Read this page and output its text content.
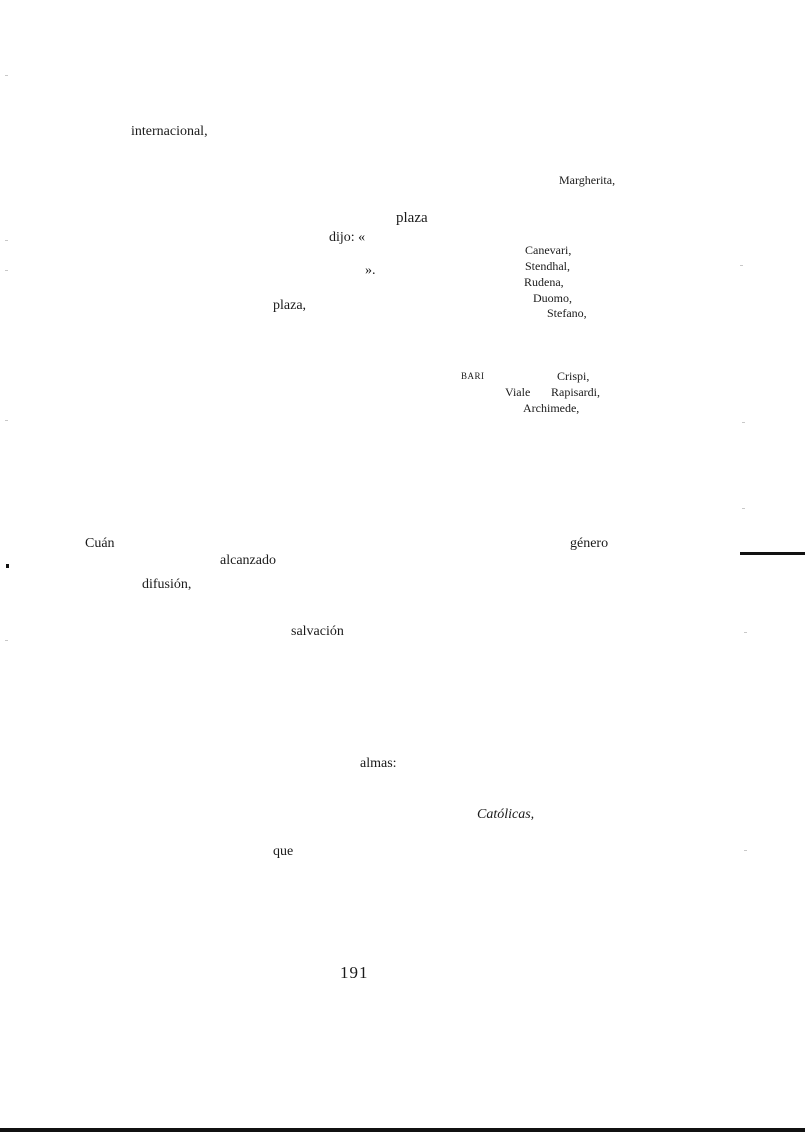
internacional,
Margherita,
plaza
dijo: «
Canevari,
Stendhal,
».
Rudena,
Duomo,
plaza,	Stefano,
BARI	Crispi,
Viale Rapisardi,
Archimede,
Cuán	género
alcanzado
difusión,
salvación
almas:
Católicas,
que
191
